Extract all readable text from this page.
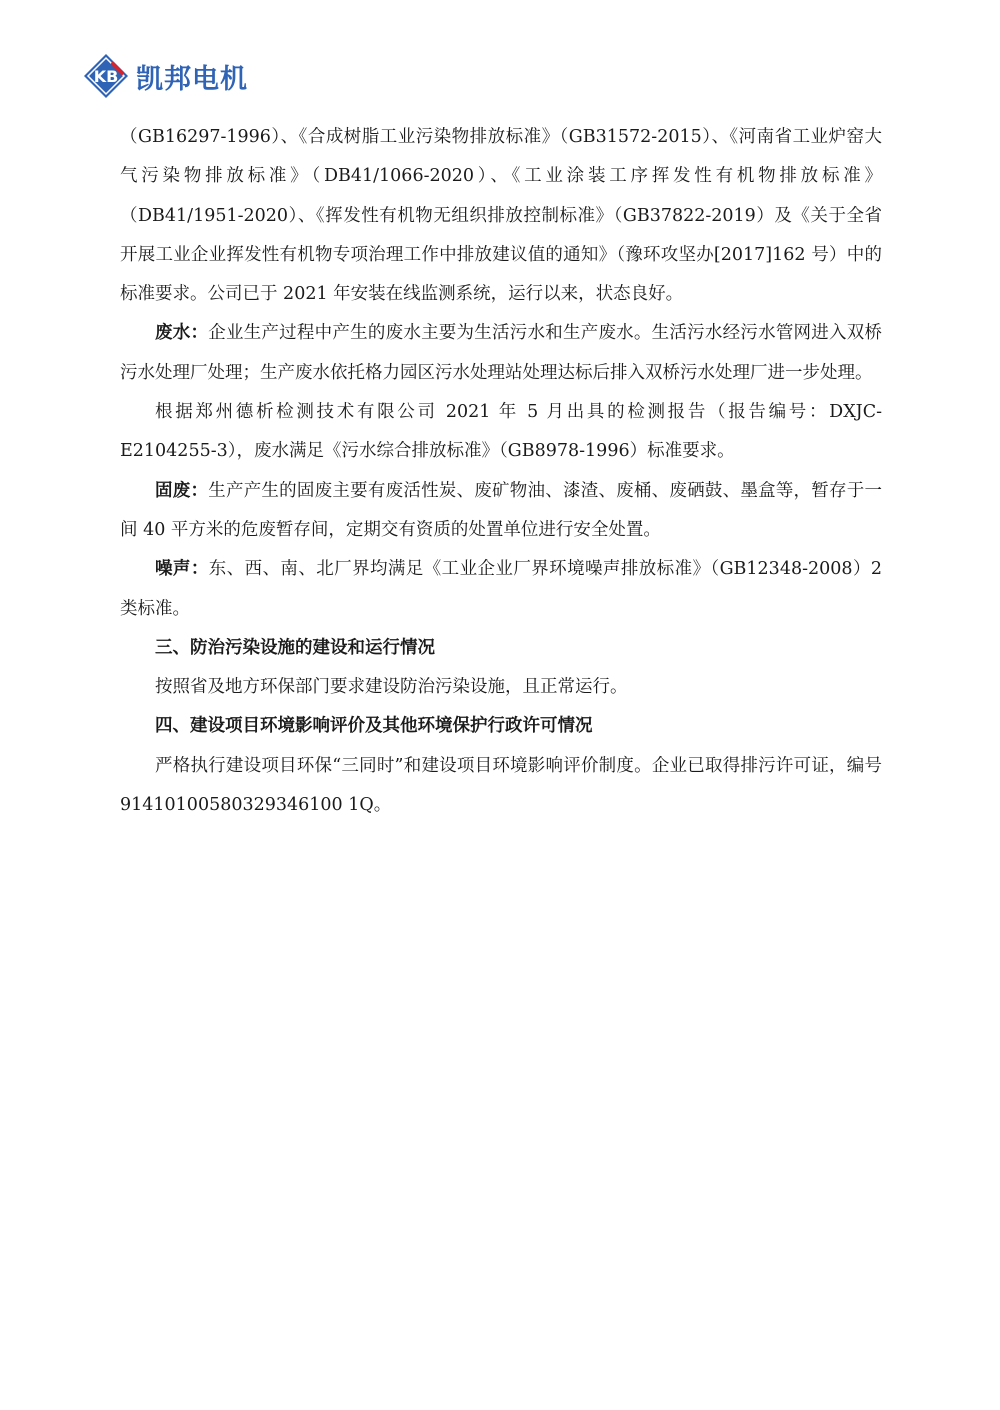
KB 凯邦电机

（GB16297-1996）、《合成树脂工业污染物排放标准》（GB31572-2015）、《河南省工业炉窑大气污染物排放标准》（DB41/1066-2020）、《工业涂装工序挥发性有机物排放标准》（DB41/1951-2020）、《挥发性有机物无组织排放控制标准》（GB37822-2019）及《关于全省开展工业企业挥发性有机物专项治理工作中排放建议值的通知》（豫环攻坚办[2017]162 号）中的标准要求。公司已于 2021 年安装在线监测系统，运行以来，状态良好。

废水：企业生产过程中产生的废水主要为生活污水和生产废水。生活污水经污水管网进入双桥污水处理厂处理；生产废水依托格力园区污水处理站处理达标后排入双桥污水处理厂进一步处理。

根据郑州德析检测技术有限公司 2021 年 5 月出具的检测报告（报告编号：DXJC-E2104255-3），废水满足《污水综合排放标准》（GB8978-1996）标准要求。

固废：生产产生的固废主要有废活性炭、废矿物油、漆渣、废桶、废硒鼓、墨盒等，暂存于一间 40 平方米的危废暂存间，定期交有资质的处置单位进行安全处置。

噪声：东、西、南、北厂界均满足《工业企业厂界环境噪声排放标准》（GB12348-2008）2 类标准。

三、防治污染设施的建设和运行情况

按照省及地方环保部门要求建设防治污染设施，且正常运行。

四、建设项目环境影响评价及其他环境保护行政许可情况

严格执行建设项目环保“三同时”和建设项目环境影响评价制度。企业已取得排污许可证，编号 91410100580329346100 1Q。
